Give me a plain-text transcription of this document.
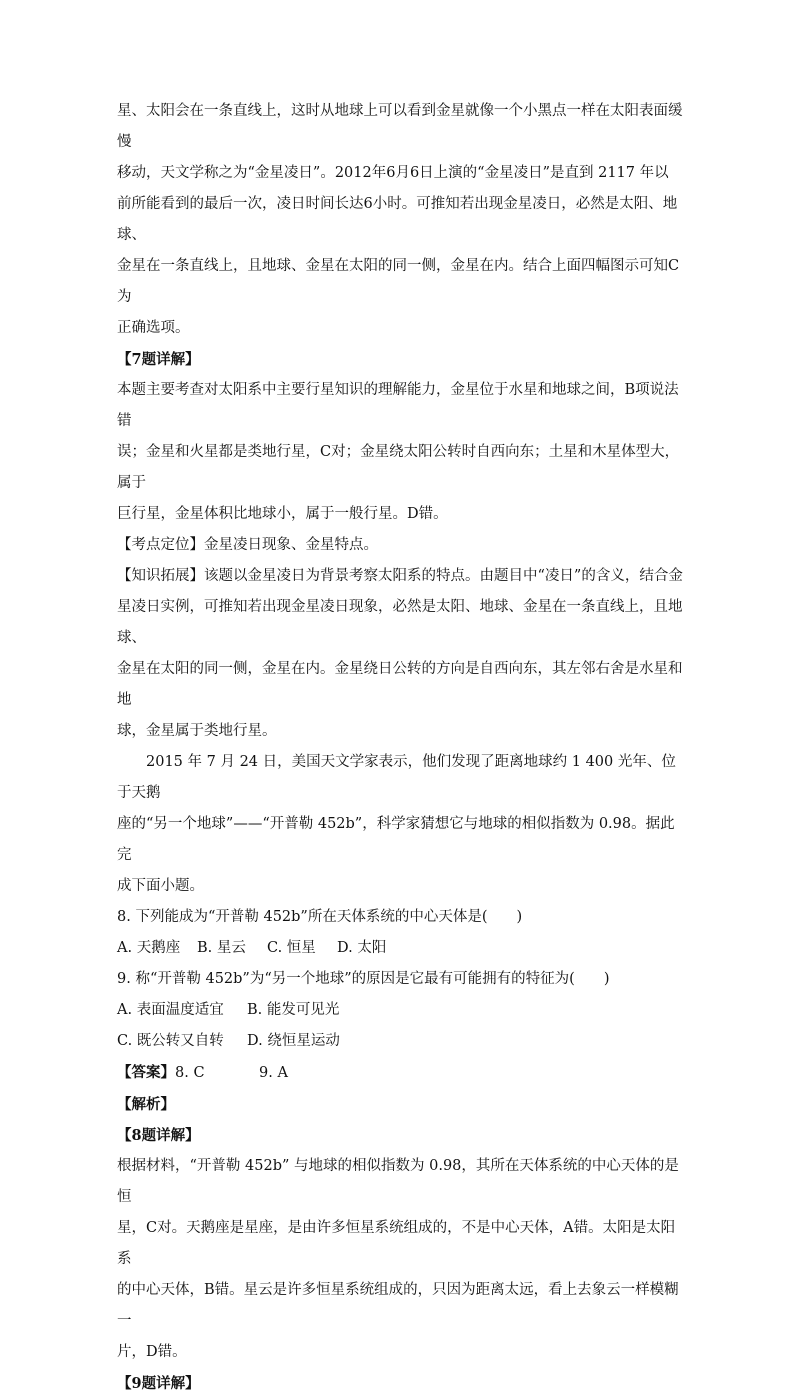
星、太阳会在一条直线上，这时从地球上可以看到金星就像一个小黑点一样在太阳表面缓慢

移动，天文学称之为“金星凌日”。2012年6月6日上演的“金星凌日”是直到 2117 年以

前所能看到的最后一次，凌日时间长达6小时。可推知若出现金星凌日，必然是太阳、地球、

金星在一条直线上，且地球、金星在太阳的同一侧，金星在内。结合上面四幅图示可知C为

正确选项。

【7题详解】

本题主要考查对太阳系中主要行星知识的理解能力，金星位于水星和地球之间，B项说法错

误；金星和火星都是类地行星，C对；金星绕太阳公转时自西向东；土星和木星体型大，属于

巨行星，金星体积比地球小，属于一般行星。D错。

【考点定位】金星凌日现象、金星特点。

【知识拓展】该题以金星凌日为背景考察太阳系的特点。由题目中“凌日”的含义，结合金

星凌日实例，可推知若出现金星凌日现象，必然是太阳、地球、金星在一条直线上，且地球、

金星在太阳的同一侧，金星在内。金星绕日公转的方向是自西向东，其左邻右舍是水星和地

球，金星属于类地行星。

2015 年 7 月 24 日，美国天文学家表示，他们发现了距离地球约 1 400 光年、位于天鹅

座的“另一个地球”——“开普勒 452b”，科学家猜想它与地球的相似指数为 0.98。据此完

成下面小题。

8. 下列能成为“开普勒 452b”所在天体系统的中心天体是(　　)

A. 天鹅座 B. 星云 C. 恒星 D. 太阳

9. 称“开普勒 452b”为“另一个地球”的原因是它最有可能拥有的特征为(　　)

A. 表面温度适宜 B. 能发可见光

C. 既公转又自转 D. 绕恒星运动

【答案】8. C	9. A

【解析】

【8题详解】

根据材料，“开普勒 452b” 与地球的相似指数为 0.98，其所在天体系统的中心天体的是恒

星，C对。天鹅座是星座，是由许多恒星系统组成的，不是中心天体，A错。太阳是太阳系

的中心天体，B错。星云是许多恒星系统组成的，只因为距离太远，看上去象云一样模糊一

片，D错。

【9题详解】
